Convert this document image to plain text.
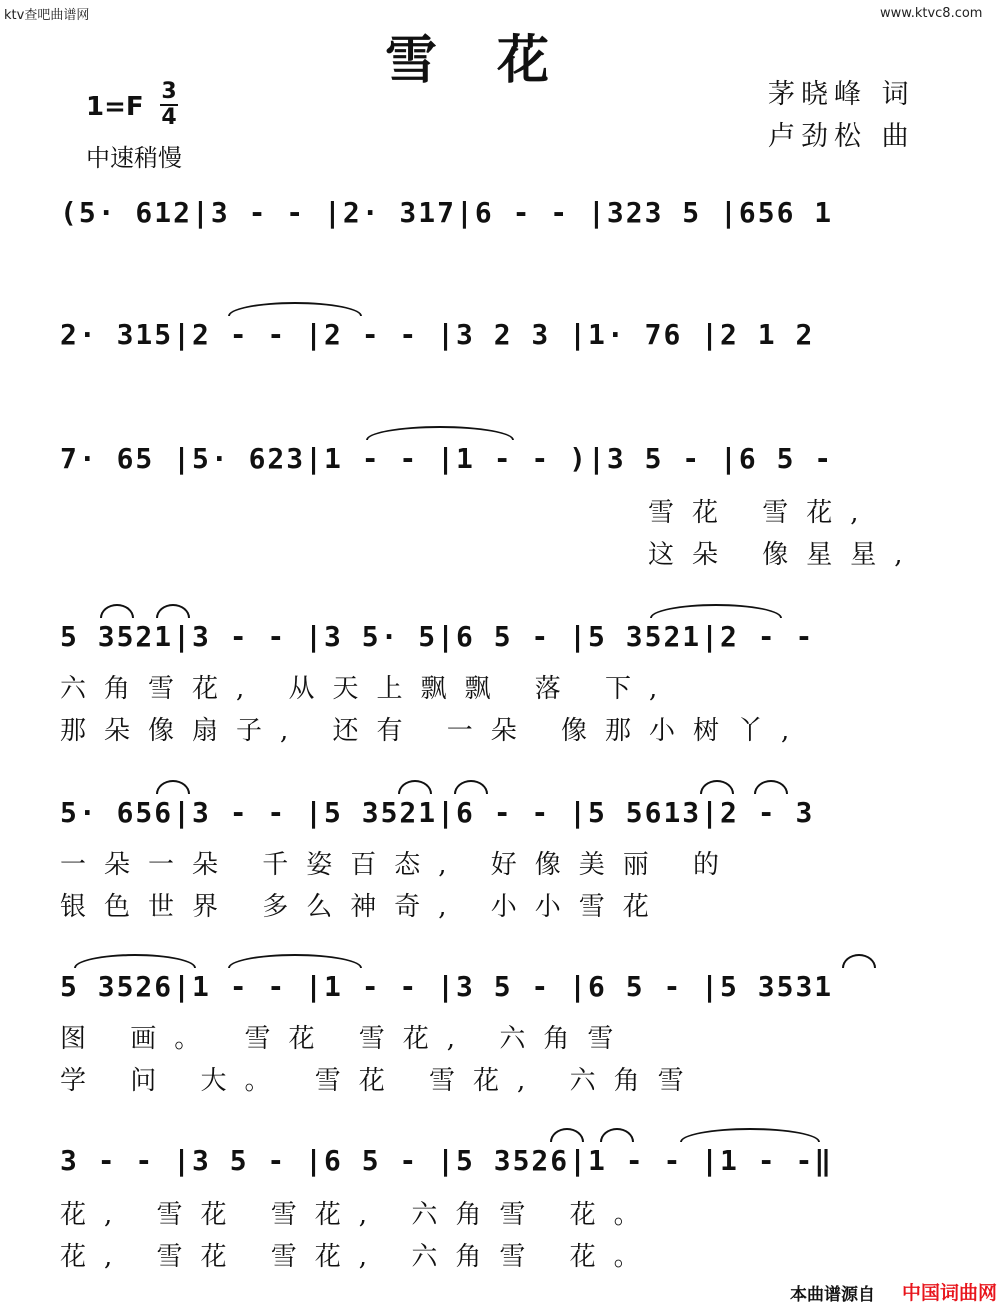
ktv查吧曲谱网	www.ktvc8.com
雪花
1=F
3
4
中速稍慢
茅晓峰 词
卢劲松 曲
(5· 612|3 - - |2· 317|6 - - |323 5 |656 1
2· 315|2 - - |2 - - |3 2 3 |1· 76 |2 1 2
7· 65 |5· 623|1 - - |1 - - )|3 5 - |6 5 -
雪花 雪花,
这朵 像星星,
5 3521|3 - - |3 5· 5|6 5 - |5 3521|2 - -
六角雪花, 从天上飘飘 落 下,
那朵像扇子, 还有 一朵 像那小树丫,
5· 656|3 - - |5 3521|6 - - |5 5613|2 - 3
一朵一朵 千姿百态, 好像美丽 的
银色世界 多么神奇, 小小雪花
5 3526|1 - - |1 - - |3 5 - |6 5 - |5 3531
图 画。 雪花 雪花, 六角雪
学 问 大。 雪花 雪花, 六角雪
3 - - |3 5 - |6 5 - |5 3526|1 - - |1 - -‖
花, 雪花 雪花, 六角雪 花。
花, 雪花 雪花, 六角雪 花。
本曲谱源自 中国词曲网
